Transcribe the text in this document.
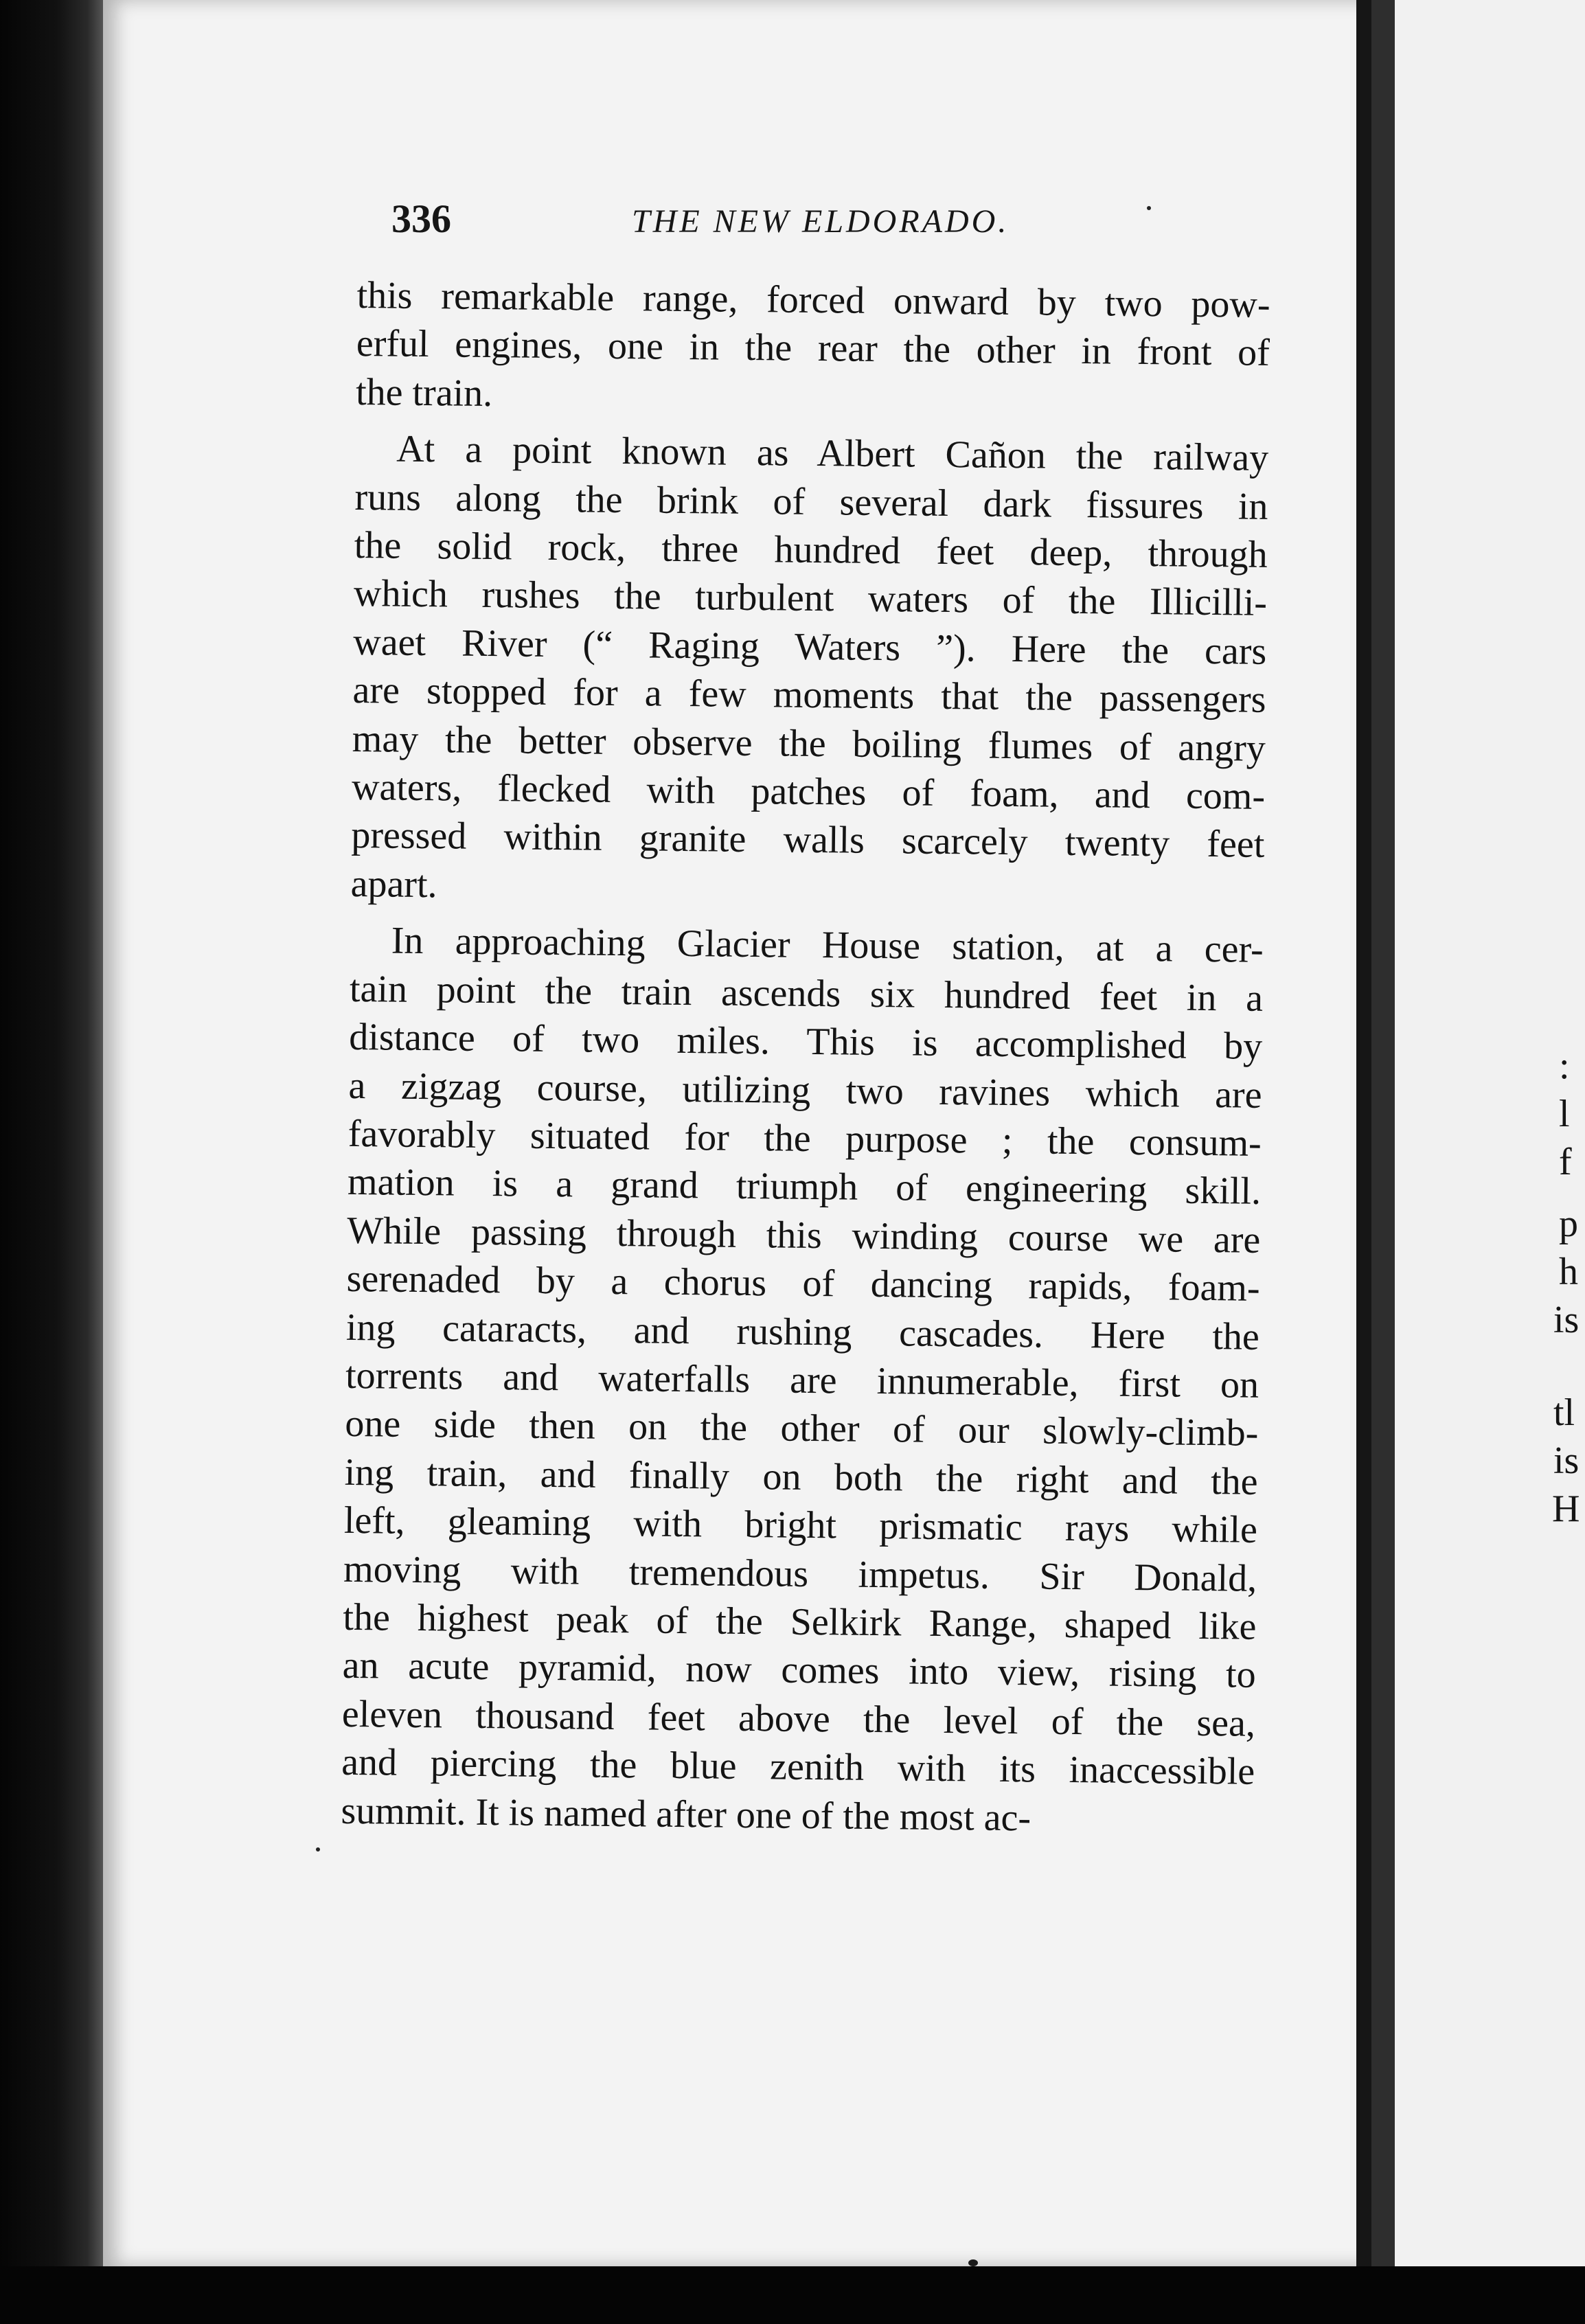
336	THE NEW ELDORADO.
this remarkable range, forced onward by two pow-
erful engines, one in the rear the other in front of
the train.
At a point known as Albert Cañon the railway
runs along the brink of several dark fissures in
the solid rock, three hundred feet deep, through
which rushes the turbulent waters of the Illicilli-
waet River (“ Raging Waters ”). Here the cars
are stopped for a few moments that the passengers
may the better observe the boiling flumes of angry
waters, flecked with patches of foam, and com-
pressed within granite walls scarcely twenty feet
apart.
In approaching Glacier House station, at a cer-
tain point the train ascends six hundred feet in a
distance of two miles. This is accomplished by
a zigzag course, utilizing two ravines which are
favorably situated for the purpose ; the consum-
mation is a grand triumph of engineering skill.
While passing through this winding course we are
serenaded by a chorus of dancing rapids, foam-
ing cataracts, and rushing cascades. Here the
torrents and waterfalls are innumerable, first on
one side then on the other of our slowly-climb-
ing train, and finally on both the right and the
left, gleaming with bright prismatic rays while
moving with tremendous impetus. Sir Donald,
the highest peak of the Selkirk Range, shaped like
an acute pyramid, now comes into view, rising to
eleven thousand feet above the level of the sea,
and piercing the blue zenith with its inaccessible
summit. It is named after one of the most ac-
:
l
f
p
h
is
tl
is
H
